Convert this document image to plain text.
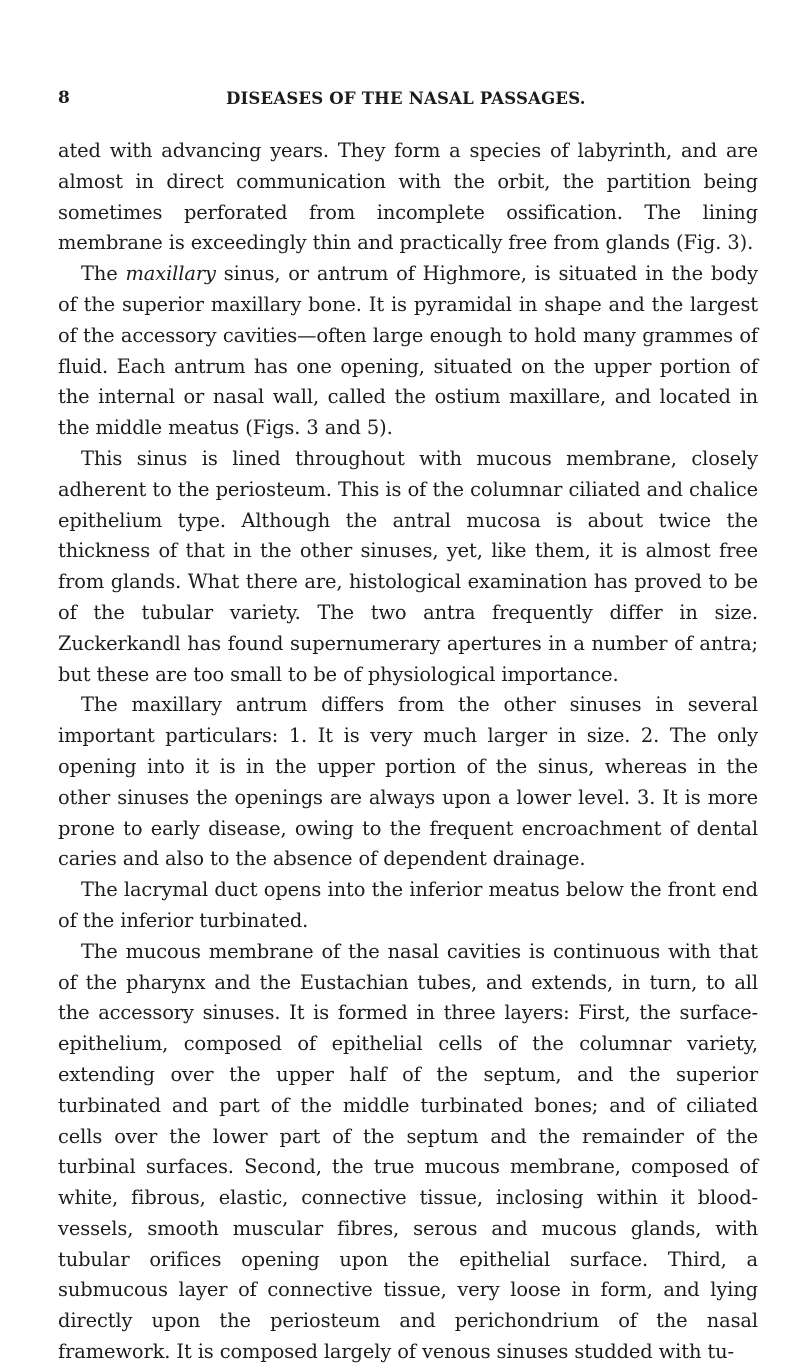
8	DISEASES OF THE NASAL PASSAGES.

ated with advancing years. They form a species of labyrinth, and are almost in direct communication with the orbit, the partition being sometimes perforated from incomplete ossification. The lining membrane is exceedingly thin and practically free from glands (Fig. 3).

The maxillary sinus, or antrum of Highmore, is situated in the body of the superior maxillary bone. It is pyramidal in shape and the largest of the accessory cavities—often large enough to hold many grammes of fluid. Each antrum has one opening, situated on the upper portion of the internal or nasal wall, called the ostium maxillare, and located in the middle meatus (Figs. 3 and 5).

This sinus is lined throughout with mucous membrane, closely adherent to the periosteum. This is of the columnar ciliated and chalice epithelium type. Although the antral mucosa is about twice the thickness of that in the other sinuses, yet, like them, it is almost free from glands. What there are, histological examination has proved to be of the tubular variety. The two antra frequently differ in size. Zuckerkandl has found supernumerary apertures in a number of antra; but these are too small to be of physiological importance.

The maxillary antrum differs from the other sinuses in several important particulars: 1. It is very much larger in size. 2. The only opening into it is in the upper portion of the sinus, whereas in the other sinuses the openings are always upon a lower level. 3. It is more prone to early disease, owing to the frequent encroachment of dental caries and also to the absence of dependent drainage.

The lacrymal duct opens into the inferior meatus below the front end of the inferior turbinated.

The mucous membrane of the nasal cavities is continuous with that of the pharynx and the Eustachian tubes, and extends, in turn, to all the accessory sinuses. It is formed in three layers: First, the surface-epithelium, composed of epithelial cells of the columnar variety, extending over the upper half of the septum, and the superior turbinated and part of the middle turbinated bones; and of ciliated cells over the lower part of the septum and the remainder of the turbinal surfaces. Second, the true mucous membrane, composed of white, fibrous, elastic, connective tissue, inclosing within it blood-vessels, smooth muscular fibres, serous and mucous glands, with tubular orifices opening upon the epithelial surface. Third, a submucous layer of connective tissue, very loose in form, and lying directly upon the periosteum and perichondrium of the nasal framework. It is composed largely of venous sinuses studded with tu-
